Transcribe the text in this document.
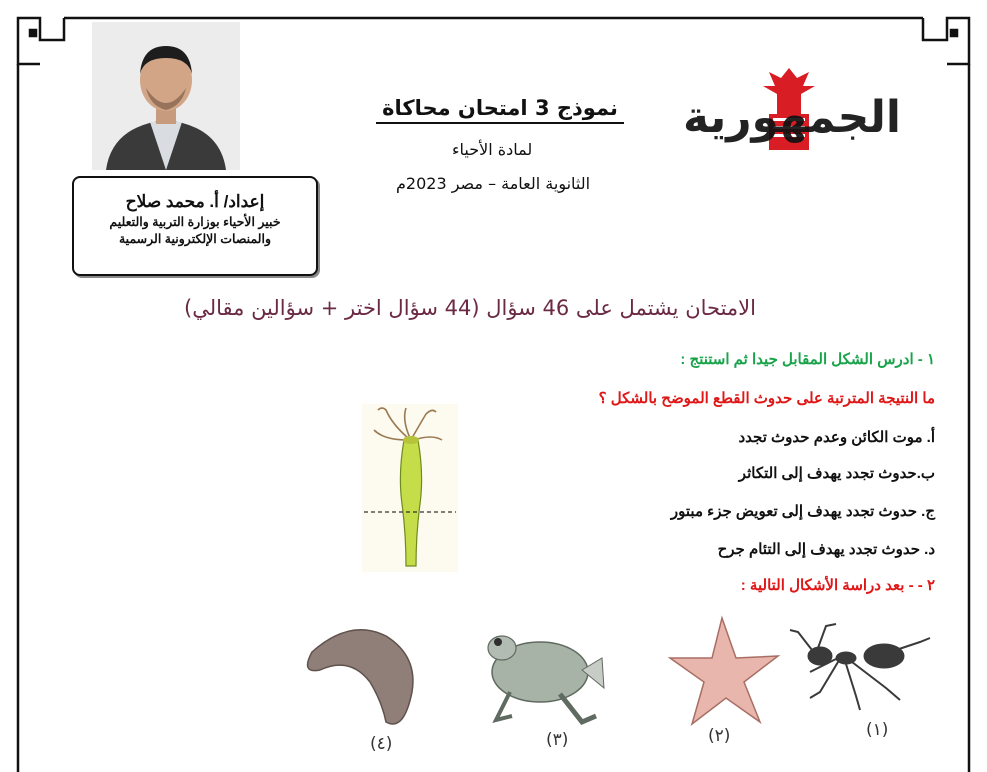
الجمهورية
نموذج 3 امتحان محاكاة
لمادة الأحياء
الثانوية العامة – مصر 2023م
إعداد/ أ. محمد صلاح
خبير الأحياء بوزارة التربية والتعليم
والمنصات الإلكترونية الرسمية
الامتحان يشتمل على 46 سؤال (44 سؤال اختر + سؤالين مقالي)
١ - ادرس الشكل المقابل جيدا ثم استنتج :
ما النتيجة المترتبة على حدوث القطع الموضح بالشكل ؟
أ. موت الكائن وعدم حدوث تجدد
ب.حدوث تجدد يهدف إلى التكاثر
ج. حدوث تجدد يهدف إلى تعويض جزء مبتور
د. حدوث تجدد يهدف إلى التئام جرح
٢ - - بعد دراسة الأشكال التالية :
(١)
(٢)
(٣)
(٤)
